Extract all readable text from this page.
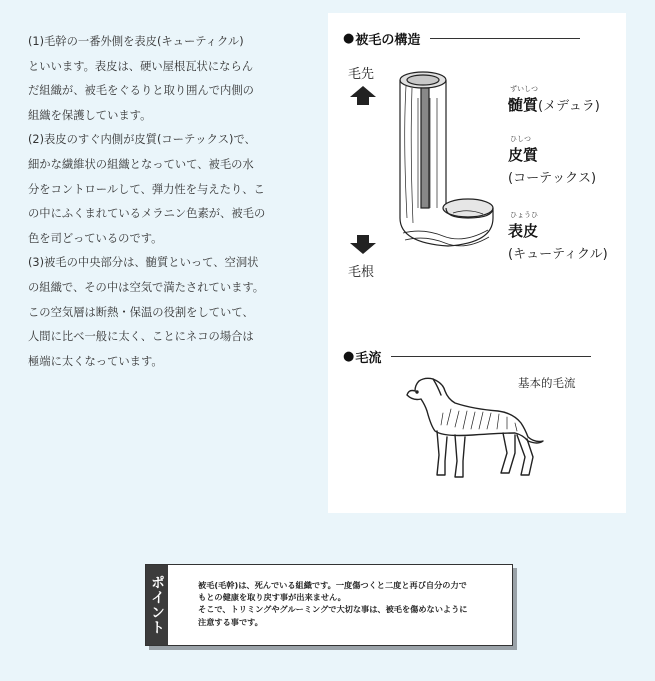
(1)毛幹の一番外側を表皮(キューティクル)
といいます。表皮は、硬い屋根瓦状にならん
だ組織が、被毛をぐるりと取り囲んで内側の
組織を保護しています。

(2)表皮のすぐ内側が皮質(コーテックス)で、
細かな繊維状の組織となっていて、被毛の水
分をコントロールして、弾力性を与えたり、こ
の中にふくまれているメラニン色素が、被毛の
色を司どっているのです。

(3)被毛の中央部分は、髄質といって、空洞状
の組織で、その中は空気で満たされています。
この空気層は断熱・保温の役割をしていて、
人間に比べ一般に太く、ことにネコの場合は
極端に太くなっています。

● 被毛の構造
毛先
毛根
ずいしつ
髄質(メデュラ)
ひしつ
皮質
(コーテックス)
ひょうひ
表皮
(キューティクル)
● 毛流
基本的毛流
ポイント	被毛(毛幹)は、死んでいる組織です。一度傷つくと二度と再び自分の力で

もとの健康を取り戻す事が出来ません。

そこで、トリミングやグルーミングで大切な事は、被毛を傷めないように

注意する事です。
